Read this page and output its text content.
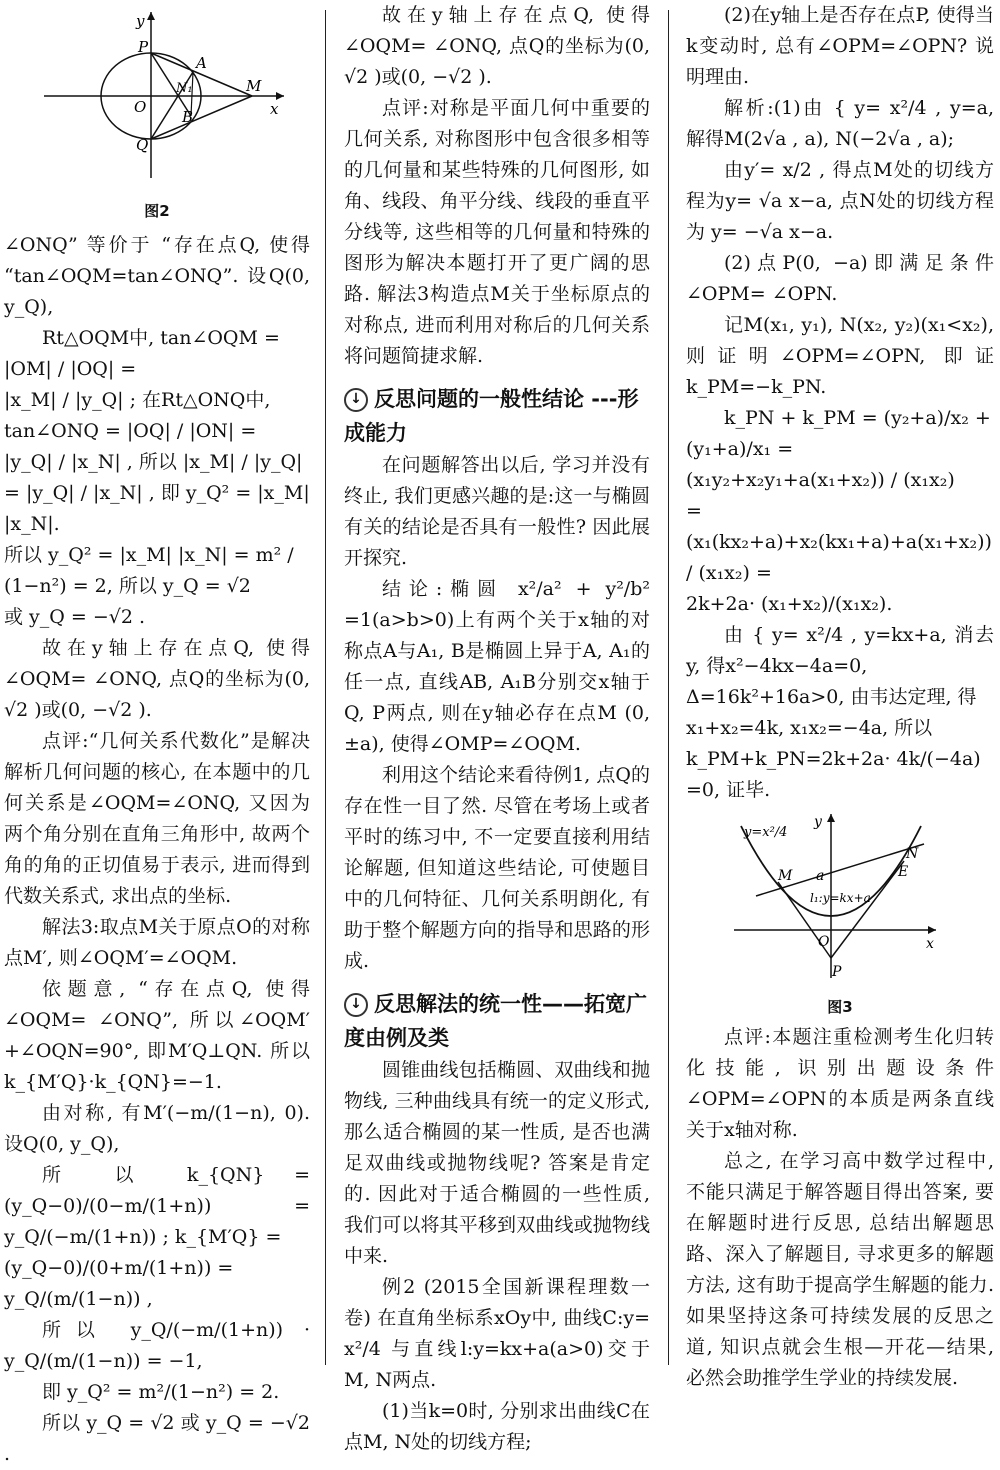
y
x
P
A
O
N₁	M
B
Q
图2

∠ONQ” 等价于 “存在点Q, 使得 “tan∠OQM=tan∠ONQ”. 设Q(0, y_Q),

Rt△OQM中, tan∠OQM = |OM| / |OQ| =

|x_M| / |y_Q| ; 在Rt△ONQ中, tan∠ONQ = |OQ| / |ON| =

|y_Q| / |x_N| , 所以 |x_M| / |y_Q| = |y_Q| / |x_N| , 即 y_Q² = |x_M| |x_N|.

所以 y_Q² = |x_M| |x_N| = m² / (1−n²) = 2, 所以 y_Q = √2

或 y_Q = −√2 .

故在y轴上存在点Q, 使得∠OQM= ∠ONQ, 点Q的坐标为(0, √2 )或(0, −√2 ).

点评:“几何关系代数化”是解决解析几何问题的核心, 在本题中的几何关系是∠OQM=∠ONQ, 又因为两个角分别在直角三角形中, 故两个角的角的正切值易于表示, 进而得到代数关系式, 求出点的坐标.

解法3:取点M关于原点O的对称点M′, 则∠OQM′=∠OQM.

依题意, “存在点Q, 使得∠OQM= ∠ONQ”, 所以∠OQM′+∠OQN=90°, 即M′Q⊥QN. 所以k_{M′Q}·k_{QN}=−1.

由对称, 有M′(−m/(1−n), 0). 设Q(0, y_Q),

所 以 k_{QN} = (y_Q−0)/(0−m/(1+n)) = y_Q/(−m/(1+n)) ; k_{M′Q} =

(y_Q−0)/(0+m/(1+n)) = y_Q/(m/(1−n)) ,

所以 y_Q/(−m/(1+n)) · y_Q/(m/(1−n)) = −1,

即 y_Q² = m²/(1−n²) = 2.

所以 y_Q = √2 或 y_Q = −√2 .

故在y轴上存在点Q, 使得∠OQM= ∠ONQ, 点Q的坐标为(0, √2 )或(0, −√2 ).

点评:对称是平面几何中重要的几何关系, 对称图形中包含很多相等的几何量和某些特殊的几何图形, 如角、线段、角平分线、线段的垂直平分线等, 这些相等的几何量和特殊的图形为解决本题打开了更广阔的思路. 解法3构造点M关于坐标原点的对称点, 进而利用对称后的几何关系将问题简捷求解.

↓ 反思问题的一般性结论 ---形成能力

在问题解答出以后, 学习并没有终止, 我们更感兴趣的是:这一与椭圆有关的结论是否具有一般性? 因此展开探究.

结论:椭圆 x²/a² + y²/b² =1(a>b>0)上有两个关于x轴的对称点A与A₁, B是椭圆上异于A, A₁的任一点, 直线AB, A₁B分别交x轴于Q, P两点, 则在y轴必存在点M (0, ±a), 使得∠OMP=∠OQM.

利用这个结论来看待例1, 点Q的存在性一目了然. 尽管在考场上或者平时的练习中, 不一定要直接利用结论解题, 但知道这些结论, 可使题目中的几何特征、几何关系明朗化, 有助于整个解题方向的指导和思路的形成.

↓ 反思解法的统一性——拓宽广度由例及类

圆锥曲线包括椭圆、双曲线和抛物线, 三种曲线具有统一的定义形式, 那么适合椭圆的某一性质, 是否也满足双曲线或抛物线呢? 答案是肯定的. 因此对于适合椭圆的一些性质, 我们可以将其平移到双曲线或抛物线中来.

例2 (2015全国新课程理数一卷) 在直角坐标系xOy中, 曲线C:y= x²/4 与直线l:y=kx+a(a>0)交于M, N两点.

(1)当k=0时, 分别求出曲线C在点M, N处的切线方程;

(2)在y轴上是否存在点P, 使得当k变动时, 总有∠OPM=∠OPN? 说明理由.

解析:(1)由 { y= x²/4 , y=a, 解得M(2√a , a), N(−2√a , a);

由y′= x/2 , 得点M处的切线方程为y= √a x−a, 点N处的切线方程为 y= −√a x−a.

(2)点P(0, −a)即满足条件∠OPM= ∠OPN.

记M(x₁, y₁), N(x₂, y₂)(x₁<x₂), 则证明∠OPM=∠OPN, 即证k_PM=−k_PN.

k_PN + k_PM = (y₂+a)/x₂ + (y₁+a)/x₁ =

(x₁y₂+x₂y₁+a(x₁+x₂)) / (x₁x₂)

= (x₁(kx₂+a)+x₂(kx₁+a)+a(x₁+x₂)) / (x₁x₂) =

2k+2a· (x₁+x₂)/(x₁x₂).

由 { y= x²/4 , y=kx+a, 消去y, 得x²−4kx−4a=0,

Δ=16k²+16a>0, 由韦达定理, 得x₁+x₂=4k, x₁x₂=−4a, 所以k_PM+k_PN=2k+2a· 4k/(−4a) =0, 证毕.

y=x²/4
y
x
a
N
M	E
l₁:y=kx+a
O
P
图3

点评:本题注重检测考生化归转化技能, 识别出题设条件∠OPM=∠OPN的本质是两条直线关于x轴对称.

总之, 在学习高中数学过程中, 不能只满足于解答题目得出答案, 要在解题时进行反思, 总结出解题思路、深入了解题目, 寻求更多的解题方法, 这有助于提高学生解题的能力. 如果坚持这条可持续发展的反思之道, 知识点就会生根—开花—结果, 必然会助推学生学业的持续发展.
